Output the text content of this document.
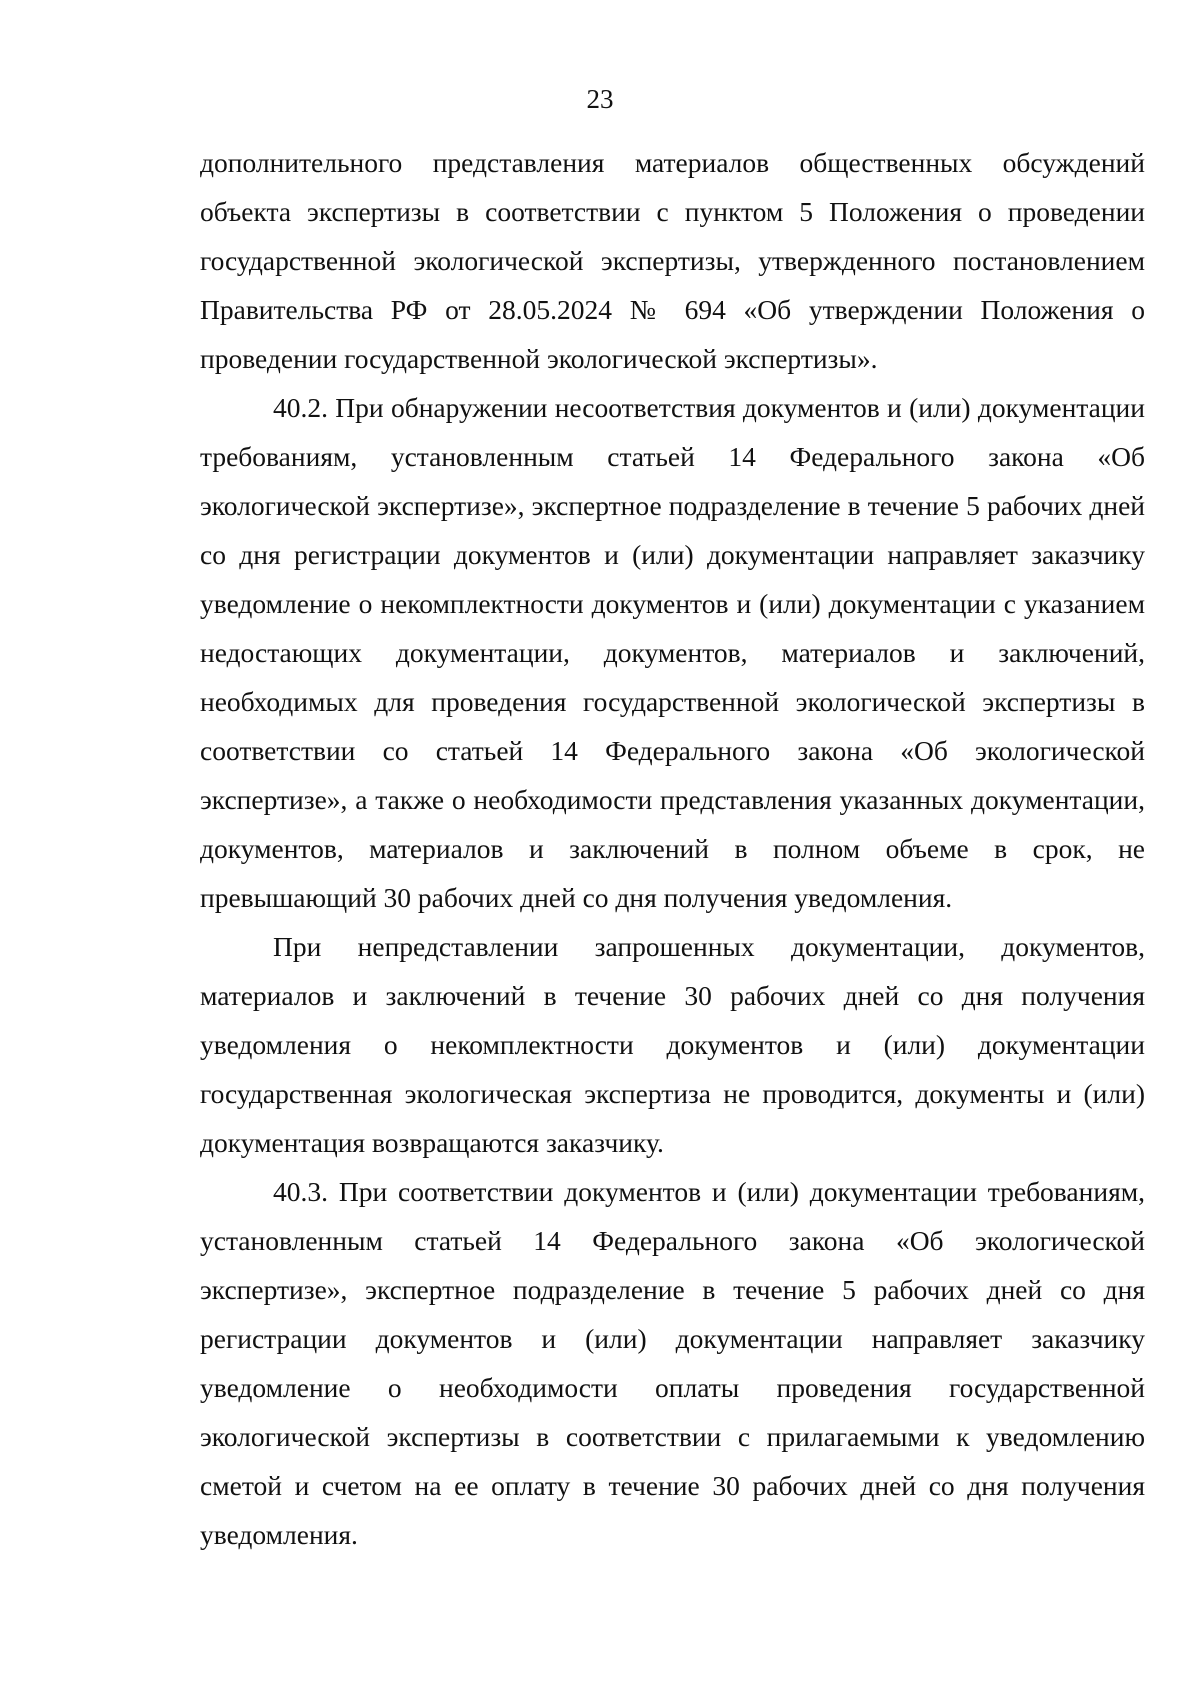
23

дополнительного представления материалов общественных обсуждений объекта экспертизы в соответствии с пунктом 5 Положения о проведении государственной экологической экспертизы, утвержденного постановлением Правительства РФ от 28.05.2024 № 694 «Об утверждении Положения о проведении государственной экологической экспертизы».

40.2. При обнаружении несоответствия документов и (или) документации требованиям, установленным статьей 14 Федерального закона «Об экологической экспертизе», экспертное подразделение в течение 5 рабочих дней со дня регистрации документов и (или) документации направляет заказчику уведомление о некомплектности документов и (или) документации с указанием недостающих документации, документов, материалов и заключений, необходимых для проведения государственной экологической экспертизы в соответствии со статьей 14 Федерального закона «Об экологической экспертизе», а также о необходимости представления указанных документации, документов, материалов и заключений в полном объеме в срок, не превышающий 30 рабочих дней со дня получения уведомления.

При непредставлении запрошенных документации, документов, материалов и заключений в течение 30 рабочих дней со дня получения уведомления о некомплектности документов и (или) документации государственная экологическая экспертиза не проводится, документы и (или) документация возвращаются заказчику.

40.3. При соответствии документов и (или) документации требованиям, установленным статьей 14 Федерального закона «Об экологической экспертизе», экспертное подразделение в течение 5 рабочих дней со дня регистрации документов и (или) документации направляет заказчику уведомление о необходимости оплаты проведения государственной экологической экспертизы в соответствии с прилагаемыми к уведомлению сметой и счетом на ее оплату в течение 30 рабочих дней со дня получения уведомления.
